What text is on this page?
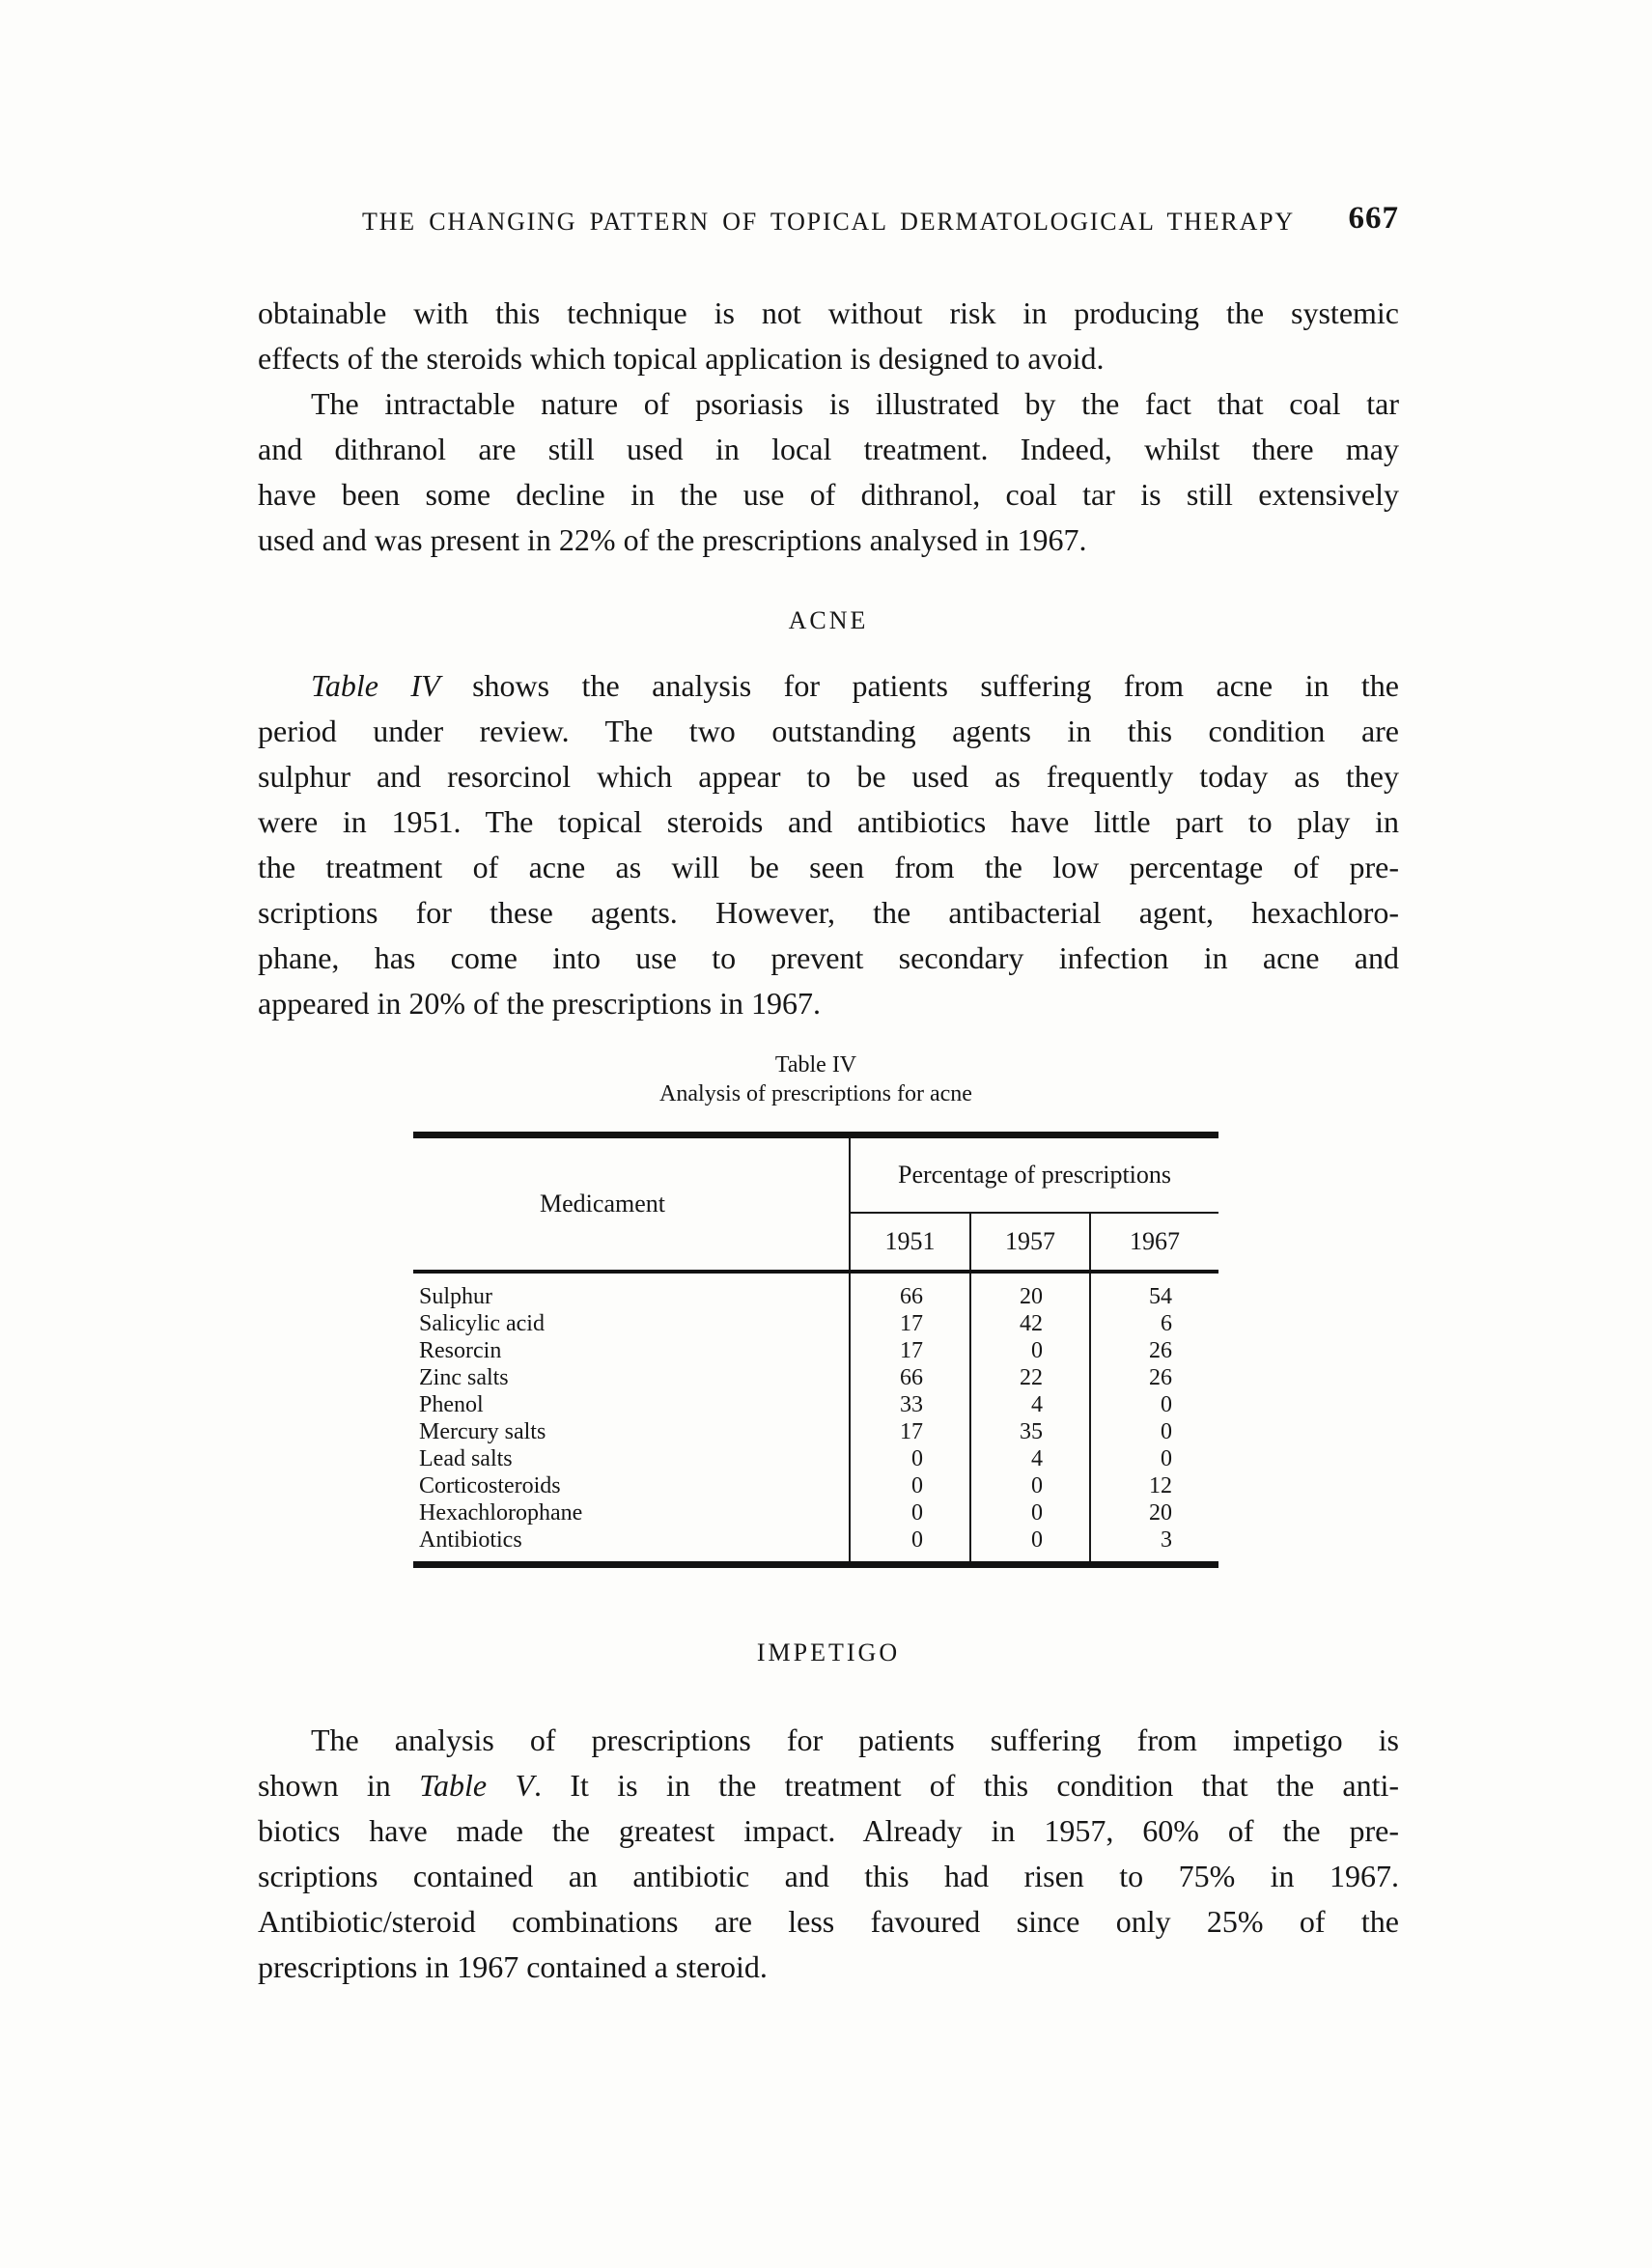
THE CHANGING PATTERN OF TOPICAL DERMATOLOGICAL THERAPY	667
obtainable with this technique is not without risk in producing the systemic
effects of the steroids which topical application is designed to avoid.
The intractable nature of psoriasis is illustrated by the fact that coal tar
and dithranol are still used in local treatment. Indeed, whilst there may
have been some decline in the use of dithranol, coal tar is still extensively
used and was present in 22% of the prescriptions analysed in 1967.
ACNE
Table IV shows the analysis for patients suffering from acne in the
period under review. The two outstanding agents in this condition are
sulphur and resorcinol which appear to be used as frequently today as they
were in 1951. The topical steroids and antibiotics have little part to play in
the treatment of acne as will be seen from the low percentage of pre-
scriptions for these agents. However, the antibacterial agent, hexachloro-
phane, has come into use to prevent secondary infection in acne and
appeared in 20% of the prescriptions in 1967.
Table IV
Analysis of prescriptions for acne
Medicament	Percentage of prescriptions		
	1951	1957	1967
Sulphur	66	20	54
Salicylic acid	17	42	6
Resorcin	17	0	26
Zinc salts	66	22	26
Phenol	33	4	0
Mercury salts	17	35	0
Lead salts	0	4	0
Corticosteroids	0	0	12
Hexachlorophane	0	0	20
Antibiotics	0	0	3
IMPETIGO
The analysis of prescriptions for patients suffering from impetigo is
shown in Table V. It is in the treatment of this condition that the anti-
biotics have made the greatest impact. Already in 1957, 60% of the pre-
scriptions contained an antibiotic and this had risen to 75% in 1967.
Antibiotic/steroid combinations are less favoured since only 25% of the
prescriptions in 1967 contained a steroid.
